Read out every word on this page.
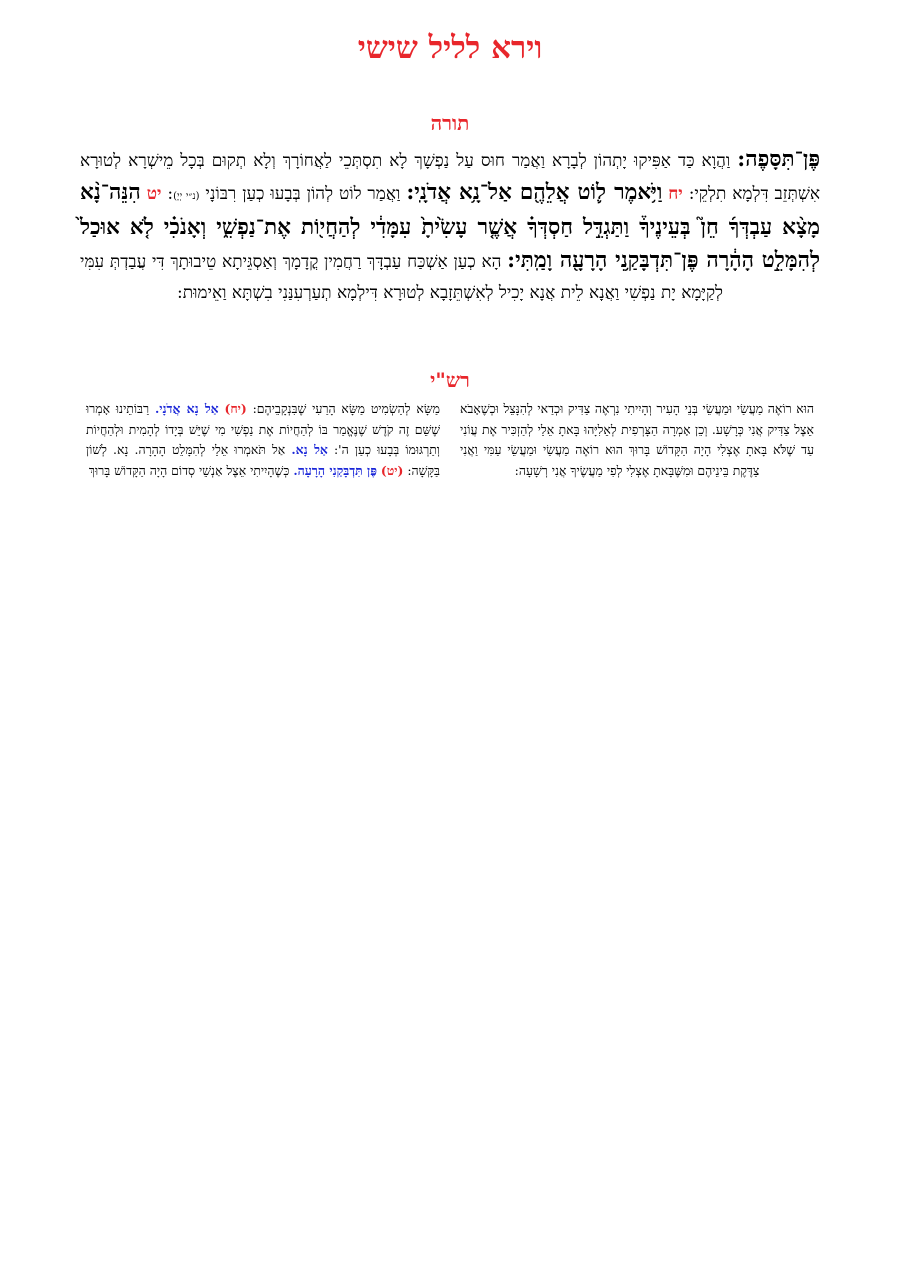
וירא לליל שישי
תורה
פֶּן־תִּסָּפֶה: וַהֲוָא כַּד אַפִּיקוּ יָתְהוֹן לְבָרָא וַאֲמַר חוּס עַל נַפְשָׁךְ לָא תִסְתְּכֵי לַאֲחוֹרָךְ וְלָא תְקוּם בְּכָל מֵישְׁרָא לְטוּרָא אִשְׁתְּזֵב דִּלְמָא תִלְקֵי: יח וַיֹּ֥אמֶר ל֛וֹט אֲלֵהֶ֖ם אַל־נָ֥א אֲדֹנָֽי: וַאֲמַר לוֹט לְהוֹן בְּבָעוּ כְעַן רִבּוֹנָי (נ״י יְיָ): יט הִנֵּה־נָ֨א מָצָ֨א עַבְדְּךָ֜ חֵן֮ בְּעֵינֶיךָ֒ וַתַּגְדֵּ֣ל חַסְדְּךָ֗ אֲשֶׁ֤ר עָשִׂ֙יתָ֙ עִמָּדִ֔י לְהַחֲי֖וֹת אֶת־נַפְשִׁ֑י וְאָנֹכִ֗י לֹ֤א אוּכַל֙ לְהִמָּלֵ֣ט הָהָ֔רָה פֶּן־תִּדְבָּקַ֥נִי הָרָעָ֖ה וָמַֽתִּי: הָא כְעַן אַשְׁכַּח עַבְדָּךְ רַחֲמִין קֳדָמָךְ וְאַסְגֵּיתָא טֵיבוּתָךְ דִּי עֲבַדְתְּ עִמִּי לְקַיָּמָא יָת נַפְשִׁי וַאֲנָא לֵית אֲנָא יָכִיל לְאִשְׁתֵּזָבָא לְטוּרָא דִּילְמָא תְעַרְעִנַּנִי בִשְׁתָּא וַאֵימוּת:
רש"י
מַשָּׂא לְהַשְׂמִיט מַשָּׂא הָרַעִי שֶׁבִּנְקָבֵיהֶם: (יח) אַל נָא אֲדֹנָי. רַבּוֹתֵינוּ אָמְרוּ שֶׁשֵּׁם זֶה קֹדֶשׁ שֶׁנֶּאֱמַר בּוֹ לְהַחֲיוֹת אֶת נַפְשִׁי מִי שֶׁיֵּשׁ בְּיָדוֹ לְהָמִית וּלְהַחֲיוֹת וְתַרְגּוּמוֹ בְּבָעוּ כְעַן ה': אַל נָא. אַל תֹּאמְרוּ אֵלַי לְהִמָּלֵט הָהָרָה. נָא. לְשׁוֹן בַּקָּשָׁה: (יט) פֶּן תִּדְבָּקַנִי הָרָעָה. כְּשֶׁהָיִיתִי אֵצֶל אַנְשֵׁי סְדוֹם הָיָה הַקָּדוֹשׁ בָּרוּךְ
הוּא רוֹאֶה מַעֲשַׂי וּמַעֲשֵׂי בְּנֵי הָעִיר וְהָיִיתִי נִרְאֶה צַדִּיק וּכְדַאי לְהִנָּצֵל וּכְשֶׁאָבֹא אֵצֶל צַדִּיק אֲנִי כְּרָשָׁע. וְכֵן אָמְרָה הַצָּרְפִית לְאֵלִיָּהוּ בָּאתָ אֵלַי לְהַזְכִּיר אֶת עֲוֹנִי עַד שֶׁלֹּא בָּאתָ אֶצְלִי הָיָה הַקָּדוֹשׁ בָּרוּךְ הוּא רוֹאֶה מַעֲשַׂי וּמַעֲשֵׂי עַמִּי וַאֲנִי צַדֶּקֶת בֵּינֵיהֶם וּמִשֶּׁבָּאתָ אֶצְלִי לְפִי מַעֲשֶׂיךָ אֲנִי רְשָׁעָה:
